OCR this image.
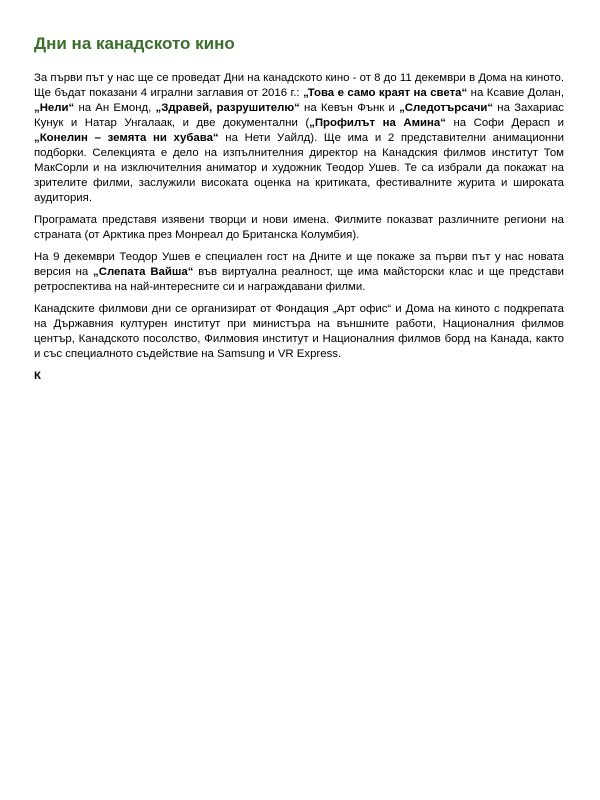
Дни на канадското кино

За първи път у нас ще се проведат Дни на канадското кино - от 8 до 11 декември в Дома на киното. Ще бъдат показани 4 игрални заглавия от 2016 г.: „Това е само краят на света“ на Ксавие Долан, „Нели“ на Ан Емонд, „Здравей, разрушителю“ на Кевън Фънк и „Следотърсачи“ на Захариас Кунук и Натар Унгалаак, и две документални („Профилът на Амина“ на Софи Дерасп и „Конелин – земята ни хубава“ на Нети Уайлд). Ще има и 2 представителни анимационни подборки. Селекцията е дело на изпълнителния директор на Канадския филмов институт Том МакСорли и на изключителния аниматор и художник Теодор Ушев. Те са избрали да покажат на зрителите филми, заслужили високата оценка на критиката, фестивалните журита и широката аудитория.

Програмата представя изявени творци и нови имена. Филмите показват различните региони на страната (от Арктика през Монреал до Британска Колумбия).

На 9 декември Теодор Ушев е специален гост на Дните и ще покаже за първи път у нас новата версия на „Слепата Вайша“ във виртуална реалност, ще има майсторски клас и ще представи ретроспектива на най-интересните си и награждавани филми.

Канадските филмови дни се организират от Фондация „Арт офис“ и Дома на киното с подкрепата на Държавния културен институт при министърa на външните работи, Националния филмов център, Канадското посолство, Филмовия институт и Националния филмов борд на Канада, както и със специалното съдействие на Samsung и VR Express.

К
